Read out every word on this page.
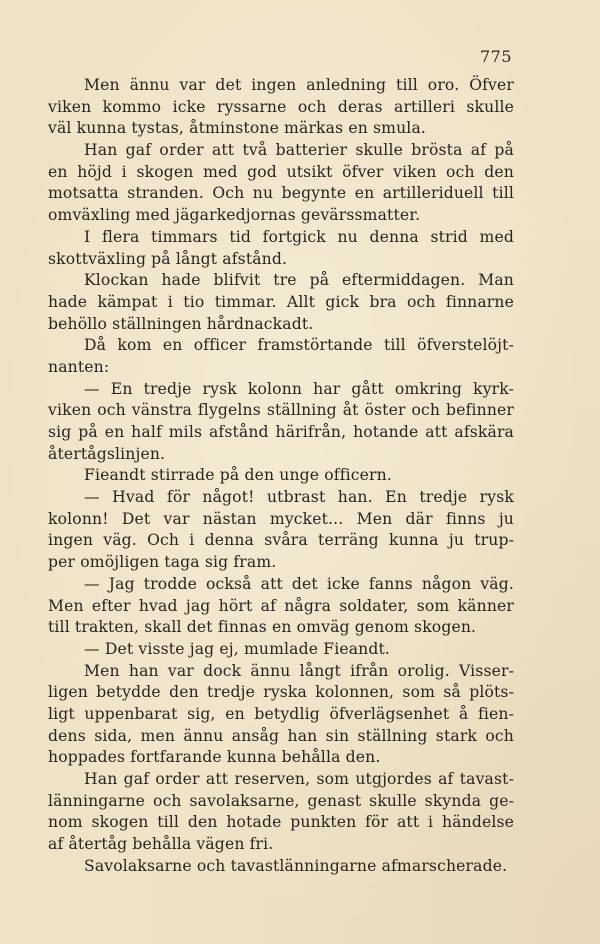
775
Men ännu var det ingen anledning till oro. Öfver
viken kommo icke ryssarne och deras artilleri skulle
väl kunna tystas, åtminstone märkas en smula.
Han gaf order att två batterier skulle brösta af på
en höjd i skogen med god utsikt öfver viken och den
motsatta stranden. Och nu begynte en artilleriduell till
omväxling med jägarkedjornas gevärssmatter.
I flera timmars tid fortgick nu denna strid med
skottväxling på långt afstånd.
Klockan hade blifvit tre på eftermiddagen. Man
hade kämpat i tio timmar. Allt gick bra och finnarne
behöllo ställningen hårdnackadt.
Då kom en officer framstörtande till öfverstelöjt-
nanten:
— En tredje rysk kolonn har gått omkring kyrk-
viken och vänstra flygelns ställning åt öster och befinner
sig på en half mils afstånd härifrån, hotande att afskära
återtågslinjen.
Fieandt stirrade på den unge officern.
— Hvad för något! utbrast han. En tredje rysk
kolonn! Det var nästan mycket... Men där finns ju
ingen väg. Och i denna svåra terräng kunna ju trup-
per omöjligen taga sig fram.
— Jag trodde också att det icke fanns någon väg.
Men efter hvad jag hört af några soldater, som känner
till trakten, skall det finnas en omväg genom skogen.
— Det visste jag ej, mumlade Fieandt.
Men han var dock ännu långt ifrån orolig. Visser-
ligen betydde den tredje ryska kolonnen, som så plöts-
ligt uppenbarat sig, en betydlig öfverlägsenhet å fien-
dens sida, men ännu ansåg han sin ställning stark och
hoppades fortfarande kunna behålla den.
Han gaf order att reserven, som utgjordes af tavast-
länningarne och savolaksarne, genast skulle skynda ge-
nom skogen till den hotade punkten för att i händelse
af återtåg behålla vägen fri.
Savolaksarne och tavastlänningarne afmarscherade.
